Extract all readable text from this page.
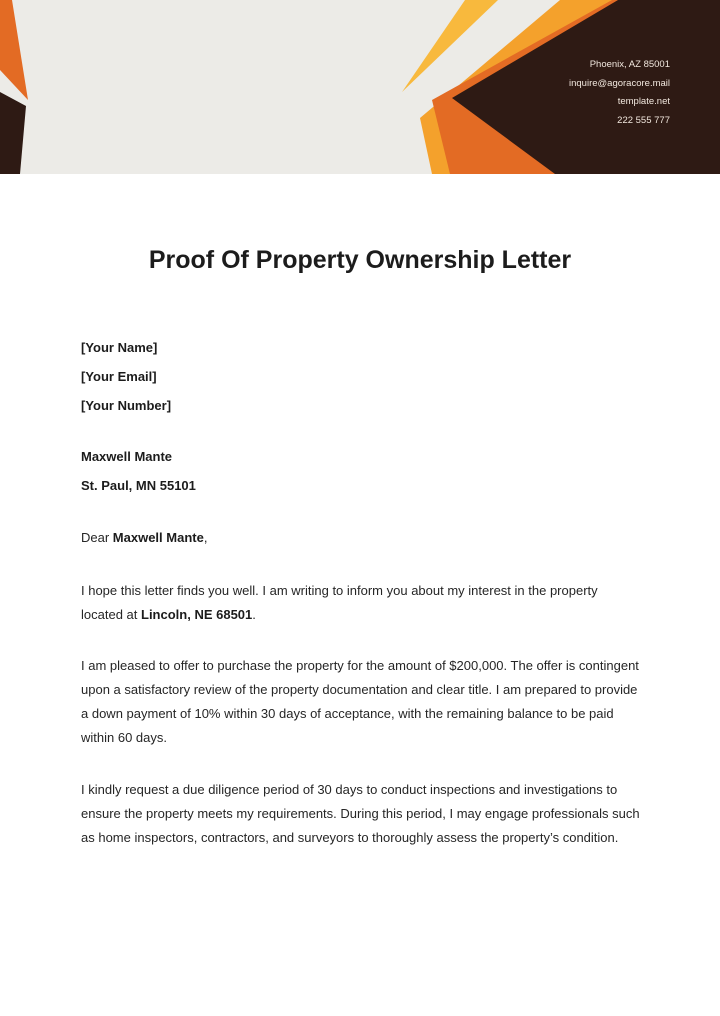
Phoenix, AZ 85001
inquire@agoracore.mail
template.net
222 555 777
Proof Of Property Ownership Letter
[Your Name]
[Your Email]
[Your Number]
Maxwell Mante
St. Paul, MN 55101
Dear Maxwell Mante,

I hope this letter finds you well. I am writing to inform you about my interest in the property located at Lincoln, NE 68501.

I am pleased to offer to purchase the property for the amount of $200,000. The offer is contingent upon a satisfactory review of the property documentation and clear title. I am prepared to provide a down payment of 10% within 30 days of acceptance, with the remaining balance to be paid within 60 days.

I kindly request a due diligence period of 30 days to conduct inspections and investigations to ensure the property meets my requirements. During this period, I may engage professionals such as home inspectors, contractors, and surveyors to thoroughly assess the property’s condition.
